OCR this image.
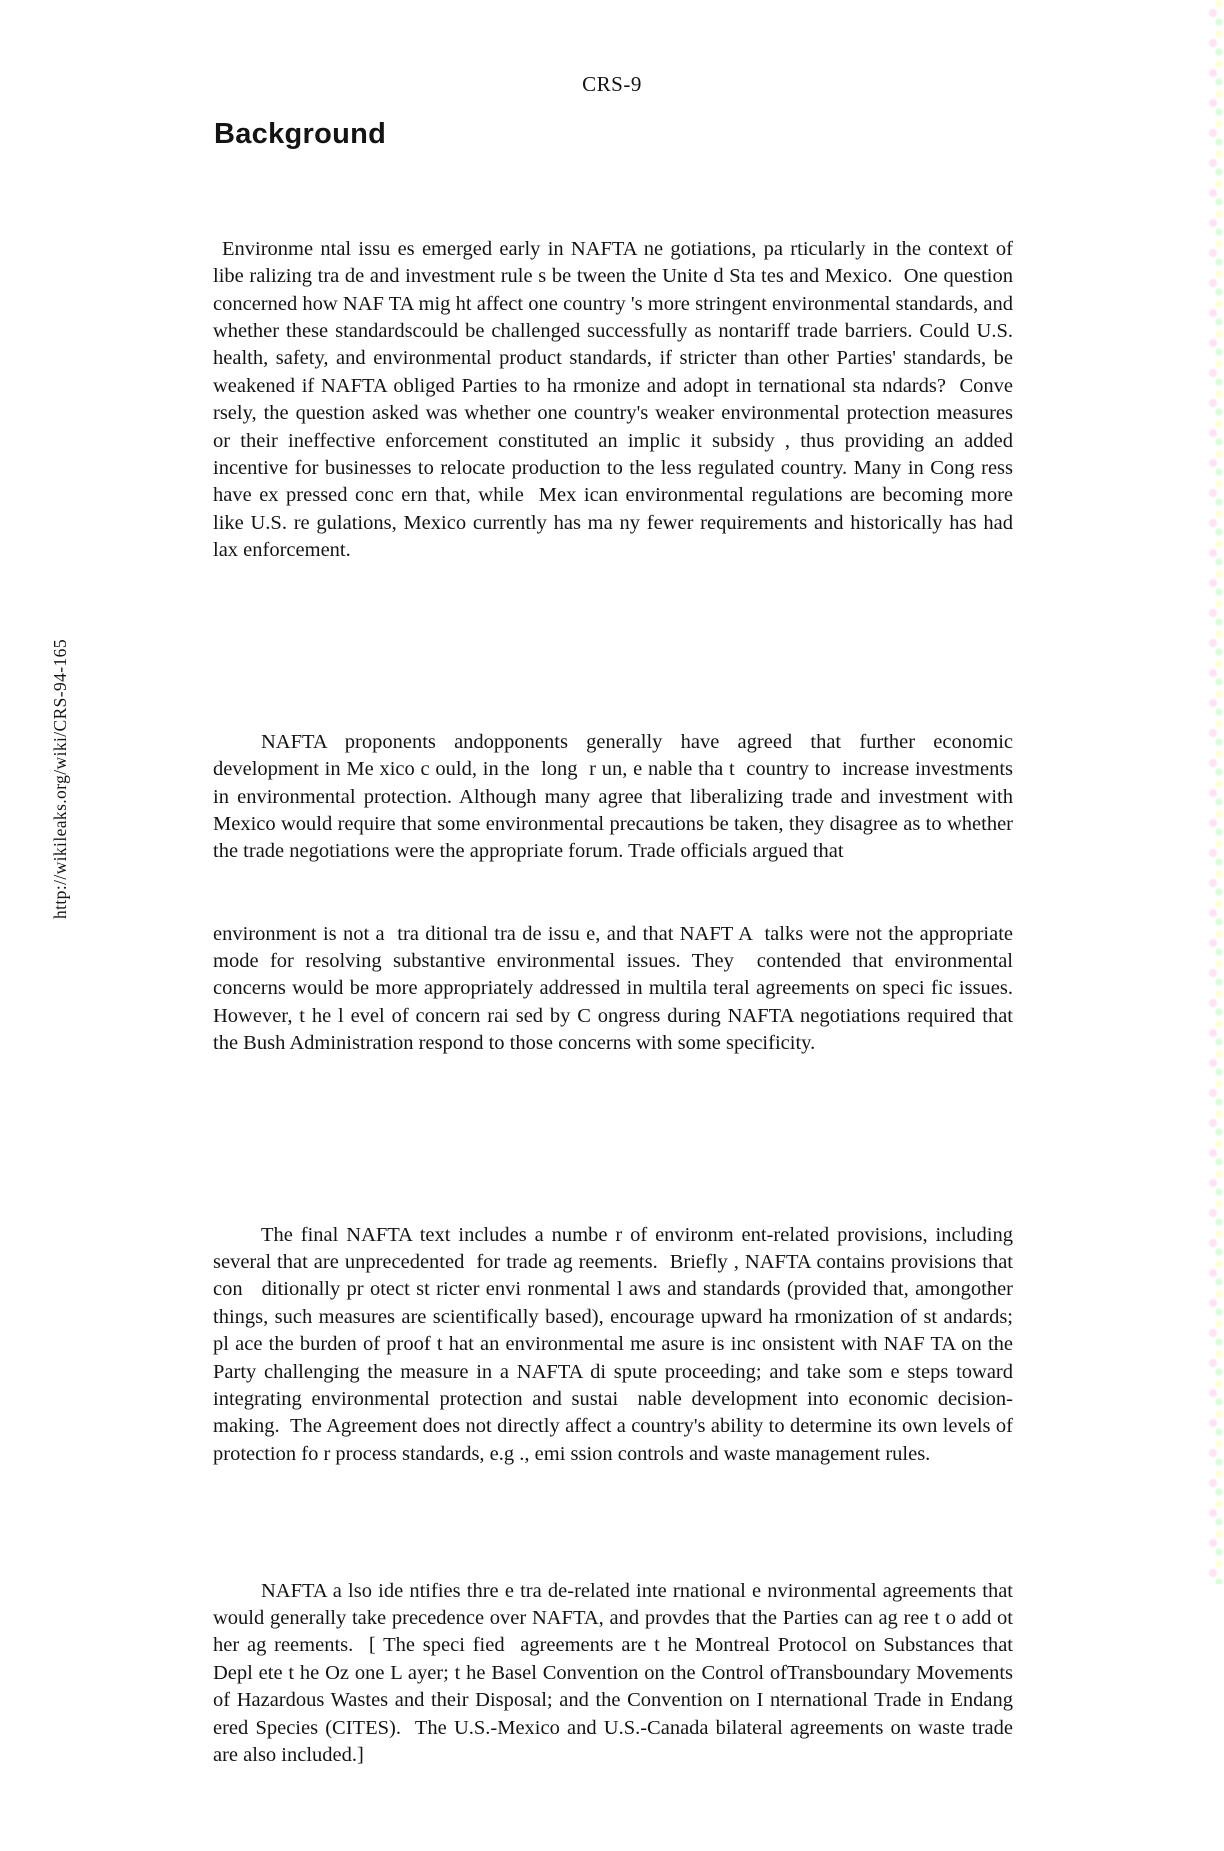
http://wikileaks.org/wiki/CRS-94-165
CRS-9
Background

Environme ntal issu es emerged early in NAFTA ne gotiations, pa rticularly in the context of libe ralizing tra de and investment rule s be tween the Unite d Sta tes and Mexico.  One question concerned how NAF TA mig ht affect one country 's more stringent environmental standards, and whether these standardscould be challenged successfully as nontariff trade barriers. Could U.S. health, safety, and environmental product standards, if stricter than other Parties' standards, be weakened if NAFTA obliged Parties to ha rmonize and adopt in ternational sta ndards?  Conve rsely, the question asked was whether one country's weaker environmental protection measures or their ineffective enforcement constituted an implic it subsidy , thus providing an added incentive for businesses to relocate production to the less regulated country. Many in Cong ress have ex pressed conc ern that, while  Mex ican environmental regulations are becoming more like U.S. re gulations, Mexico currently has ma ny fewer requirements and historically has had lax enforcement.

NAFTA proponents andopponents generally have agreed that further economic development in Me xico c ould, in the  long  r un, e nable tha t  country to  increase investments in environmental protection. Although many agree that liberalizing trade and investment with Mexico would require that some environmental precautions be taken, they disagree as to whether the trade negotiations were the appropriate forum. Trade officials argued that

environment is not a  tra ditional tra de issu e, and that NAFT A  talks were not the appropriate mode for resolving substantive environmental issues. They  contended that environmental concerns would be more appropriately addressed in multila teral agreements on speci fic issues. However, t he l evel of concern rai sed by C ongress during NAFTA negotiations required that the Bush Administration respond to those concerns with some specificity.

The final NAFTA text includes a numbe r of environm ent-related provisions, including several that are unprecedented  for trade ag reements.  Briefly , NAFTA contains provisions that con   ditionally pr otect st ricter envi ronmental l aws and standards (provided that, amongother things, such measures are scientifically based), encourage upward ha rmonization of st andards; pl ace the burden of proof t hat an environmental me asure is inc onsistent with NAF TA on the  Party challenging the measure in a NAFTA di spute proceeding; and take som e steps toward integrating environmental protection and sustai  nable development into economic decision-making.  The Agreement does not directly affect a country's ability to determine its own levels of protection fo r process standards, e.g ., emi ssion controls and waste management rules.

NAFTA a lso ide ntifies thre e tra de-related inte rnational e nvironmental agreements that would generally take precedence over NAFTA, and provdes that the Parties can ag ree t o add ot her ag reements.  [ The speci fied  agreements are t he Montreal Protocol on Substances that      Depl ete t he Oz one L ayer; t he Basel Convention on the Control ofTransboundary Movements of Hazardous Wastes and their Disposal; and the Convention on I nternational Trade in Endang ered Species (CITES).  The U.S.-Mexico and U.S.-Canada bilateral agreements on waste trade are also included.]
